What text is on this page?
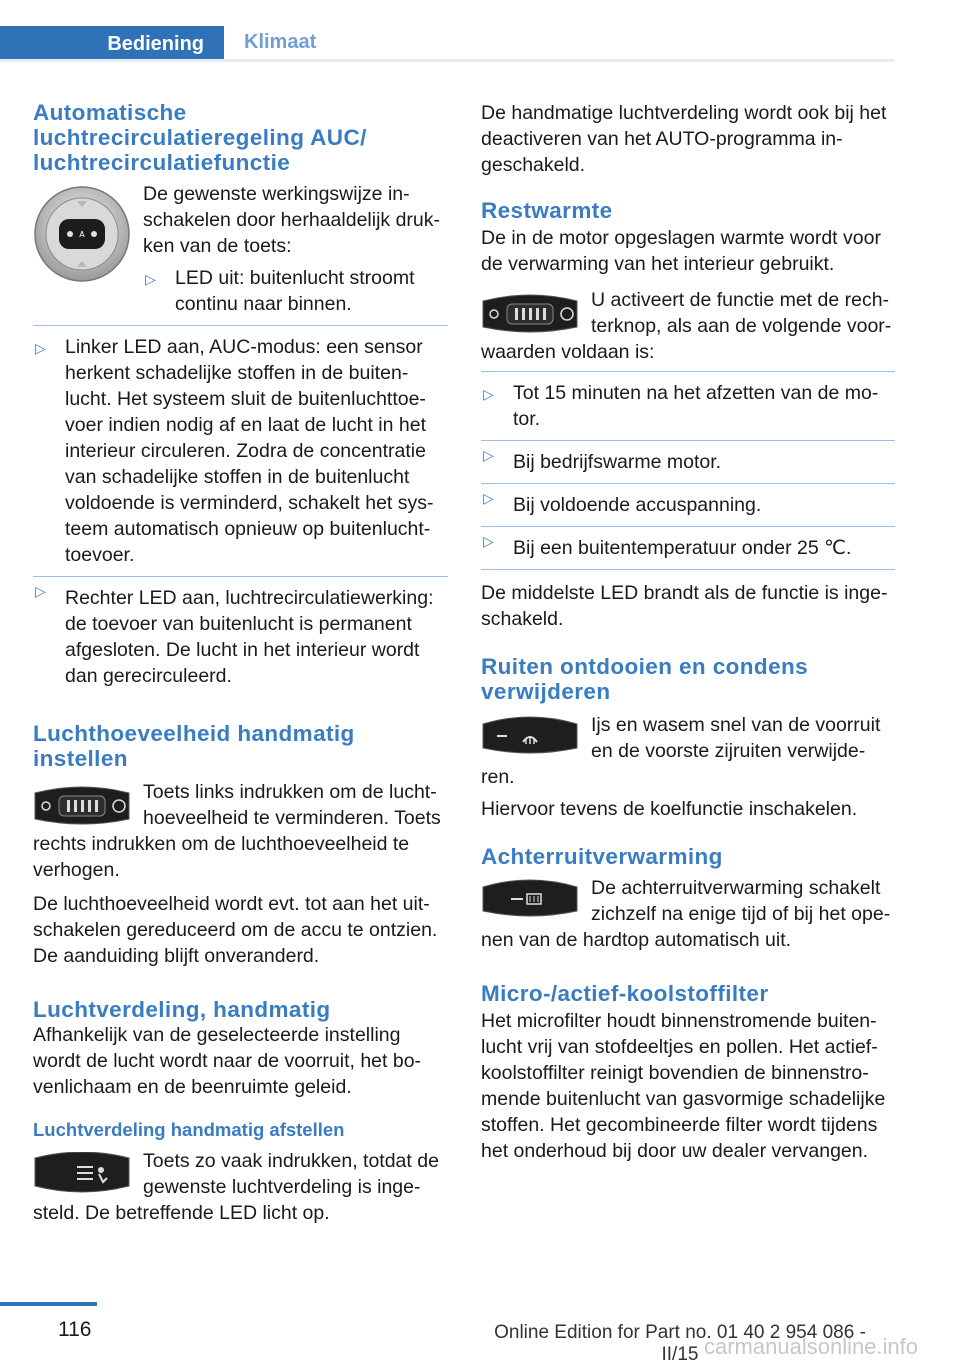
Bediening	Klimaat
Automatische luchtrecirculatieregeling AUC/ luchtrecirculatiefunctie
A

De gewenste werkingswijze in-schakelen door herhaaldelijk druk-ken van de toets:

▷ LED uit: buitenlucht stroomt continu naar binnen.
▷ Linker LED aan, AUC-modus: een sensor herkent schadelijke stoffen in de buiten-lucht. Het systeem sluit de buitenluchttoe-voer indien nodig af en laat de lucht in het interieur circuleren. Zodra de concentratie van schadelijke stoffen in de buitenlucht voldoende is verminderd, schakelt het sys-teem automatisch opnieuw op buitenlucht-toevoer.
▷ Rechter LED aan, luchtrecirculatiewerking: de toevoer van buitenlucht is permanent afgesloten. De lucht in het interieur wordt dan gerecirculeerd.
Luchthoeveelheid handmatig instellen

Toets links indrukken om de lucht-hoeveelheid te verminderen. Toets rechts indrukken om de luchthoeveelheid te verhogen.

De luchthoeveelheid wordt evt. tot aan het uit-schakelen gereduceerd om de accu te ontzien. De aanduiding blijft onveranderd.

Luchtverdeling, handmatig

Afhankelijk van de geselecteerde instelling wordt de lucht wordt naar de voorruit, het bo-venlichaam en de beenruimte geleid.

Luchtverdeling handmatig afstellen

Toets zo vaak indrukken, totdat de gewenste luchtverdeling is inge-steld. De betreffende LED licht op.

De handmatige luchtverdeling wordt ook bij het deactiveren van het AUTO-programma in-geschakeld.

Restwarmte

De in de motor opgeslagen warmte wordt voor de verwarming van het interieur gebruikt.

U activeert de functie met de rech-terknop, als aan de volgende voor-waarden voldaan is:

▷ Tot 15 minuten na het afzetten van de mo-tor.
▷ Bij bedrijfswarme motor.
▷ Bij voldoende accuspanning.
▷ Bij een buitentemperatuur onder 25 ℃.

De middelste LED brandt als de functie is inge-schakeld.

Ruiten ontdooien en condens verwijderen

Ijs en wasem snel van de voorruit en de voorste zijruiten verwijde-ren.

Hiervoor tevens de koelfunctie inschakelen.

Achterruitverwarming

De achterruitverwarming schakelt zichzelf na enige tijd of bij het ope-nen van de hardtop automatisch uit.

Micro-/actief-koolstoffilter

Het microfilter houdt binnenstromende buiten-lucht vrij van stofdeeltjes en pollen. Het actief-koolstoffilter reinigt bovendien de binnenstro-mende buitenlucht van gasvormige schadelijke stoffen. Het gecombineerde filter wordt tijdens het onderhoud bij door uw dealer vervangen.

116	Online Edition for Part no. 01 40 2 954 086 - II/15 carmanualsonline.info
